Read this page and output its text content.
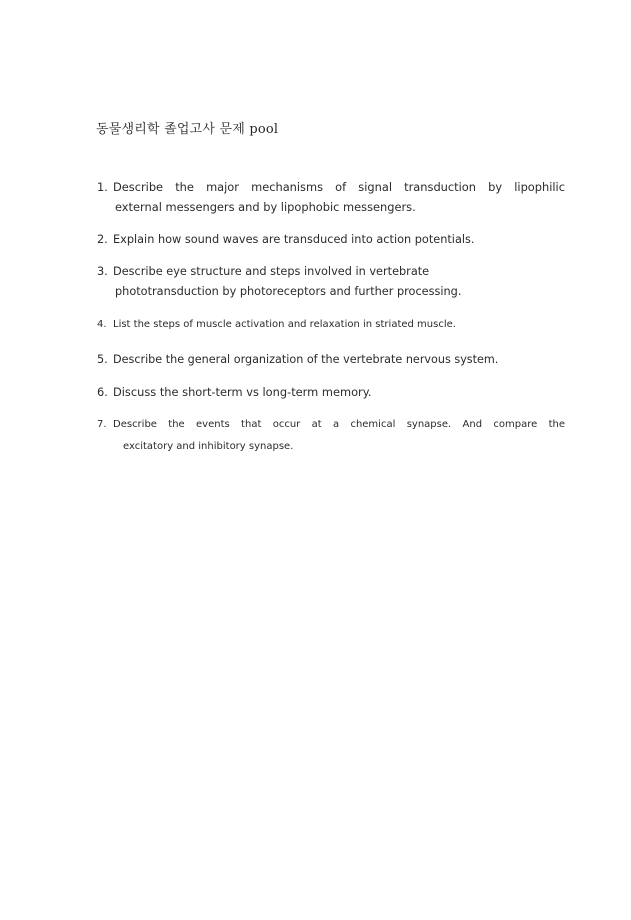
동물생리학 졸업고사 문제 pool
1. Describe the major mechanisms of signal transduction by lipophilic
external messengers and by lipophobic messengers.
2. Explain how sound waves are transduced into action potentials.
3. Describe eye structure and steps involved in vertebrate
phototransduction by photoreceptors and further processing.
4. List the steps of muscle activation and relaxation in striated muscle.
5. Describe the general organization of the vertebrate nervous system.
6. Discuss the short-term vs long-term memory.
7. Describe the events that occur at a chemical synapse. And compare the
excitatory and inhibitory synapse.
